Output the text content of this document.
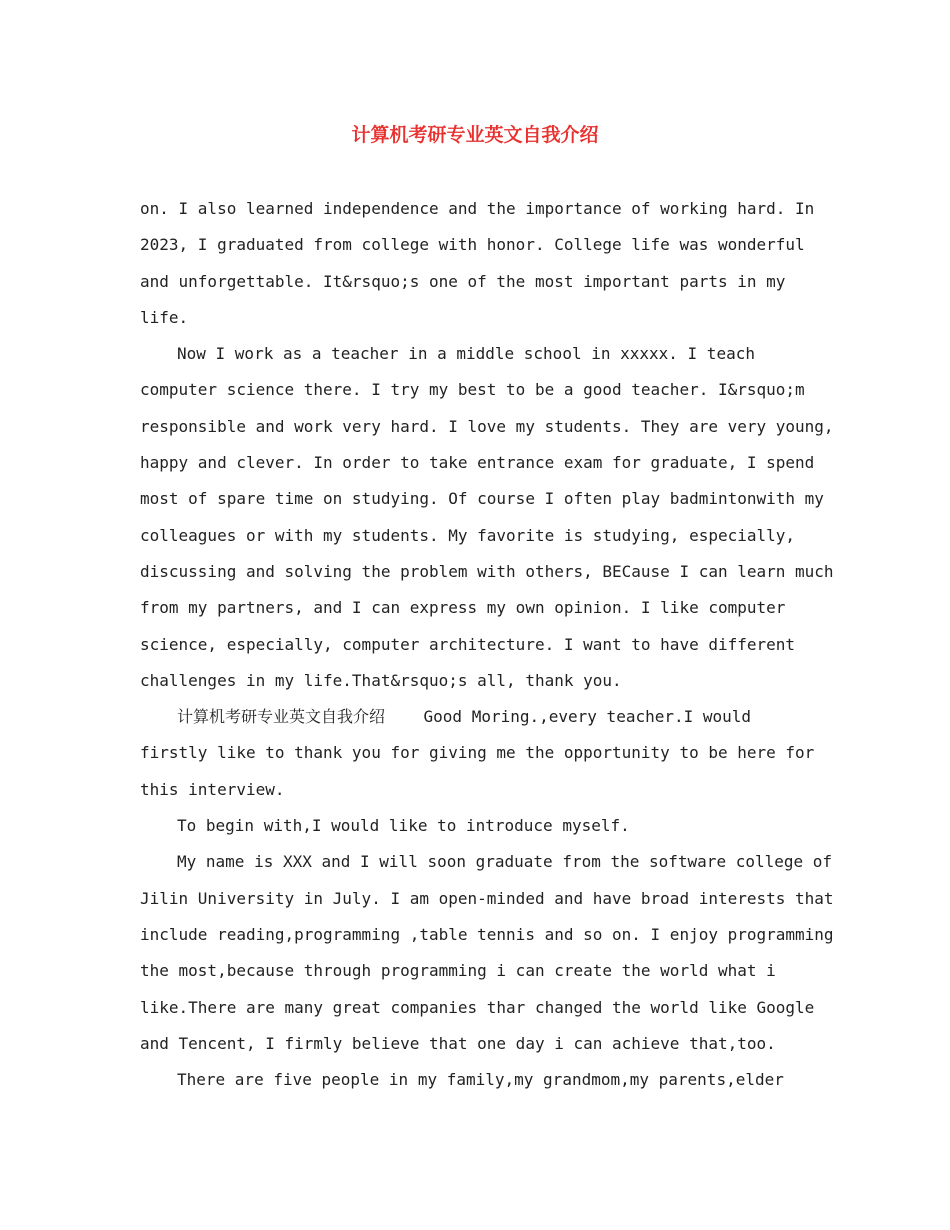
计算机考研专业英文自我介绍
on. I also learned independence and the importance of working hard. In
2023, I graduated from college with honor. College life was wonderful
and unforgettable. It&rsquo;s one of the most important parts in my
life.
Now I work as a teacher in a middle school in xxxxx. I teach
computer science there. I try my best to be a good teacher. I&rsquo;m
responsible and work very hard. I love my students. They are very young,
happy and clever. In order to take entrance exam for graduate, I spend
most of spare time on studying. Of course I often play badmintonwith my
colleagues or with my students. My favorite is studying, especially,
discussing and solving the problem with others, BECause I can learn much
from my partners, and I can express my own opinion. I like computer
science, especially, computer architecture. I want to have different
challenges in my life.That&rsquo;s all, thank you.
计算机考研专业英文自我介绍    Good Moring.,every teacher.I would
firstly like to thank you for giving me the opportunity to be here for
this interview.
To begin with,I would like to introduce myself.
My name is XXX and I will soon graduate from the software college of
Jilin University in July. I am open-minded and have broad interests that
include reading,programming ,table tennis and so on. I enjoy programming
the most,because through programming i can create the world what i
like.There are many great companies thar changed the world like Google
and Tencent, I firmly believe that one day i can achieve that,too.
There are five people in my family,my grandmom,my parents,elder
